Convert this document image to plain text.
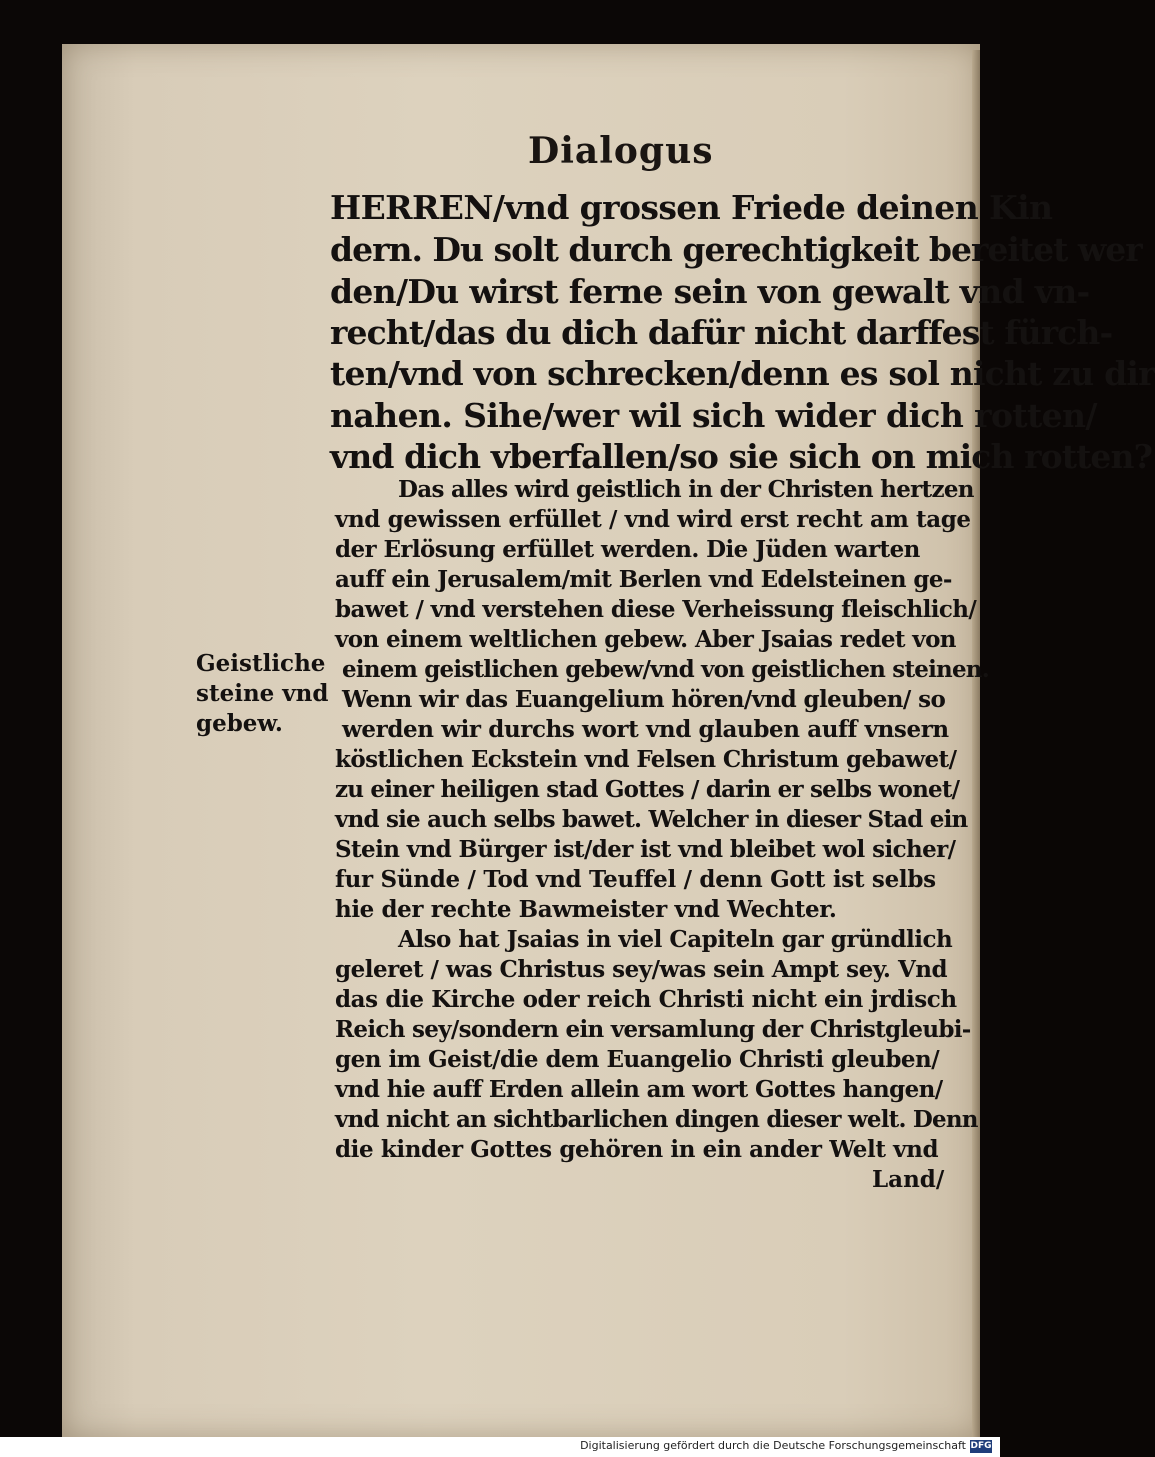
Dialogus
HERREN/vnd grossen Friede deinen Kin
dern. Du solt durch gerechtigkeit bereitet wer
den/Du wirst ferne sein von gewalt vnd vn-
recht/das du dich dafür nicht darffest fürch-
ten/vnd von schrecken/denn es sol nicht zu dir
nahen. Sihe/wer wil sich wider dich rotten/
vnd dich vberfallen/so sie sich on mich rotten?
Das alles wird geistlich in der Christen hertzen
vnd gewissen erfüllet / vnd wird erst recht am tage
der Erlösung erfüllet werden. Die Jüden warten
auff ein Jerusalem/mit Berlen vnd Edelsteinen ge-
bawet / vnd verstehen diese Verheissung fleischlich/
von einem weltlichen gebew. Aber Jsaias redet von
einem geistlichen gebew/vnd von geistlichen steinen.
Wenn wir das Euangelium hören/vnd gleuben/ so
werden wir durchs wort vnd glauben auff vnsern
köstlichen Eckstein vnd Felsen Christum gebawet/
zu einer heiligen stad Gottes / darin er selbs wonet/
vnd sie auch selbs bawet. Welcher in dieser Stad ein
Stein vnd Bürger ist/der ist vnd bleibet wol sicher/
fur Sünde / Tod vnd Teuffel / denn Gott ist selbs
hie der rechte Bawmeister vnd Wechter.
Also hat Jsaias in viel Capiteln gar gründlich
geleret / was Christus sey/was sein Ampt sey. Vnd
das die Kirche oder reich Christi nicht ein jrdisch
Reich sey/sondern ein versamlung der Christgleubi-
gen im Geist/die dem Euangelio Christi gleuben/
vnd hie auff Erden allein am wort Gottes hangen/
vnd nicht an sichtbarlichen dingen dieser welt. Denn
die kinder Gottes gehören in ein ander Welt vnd
Land/
Geistliche
steine vnd
gebew.
Digitalisierung gefördert durch die Deutsche Forschungsgemeinschaft DFG
